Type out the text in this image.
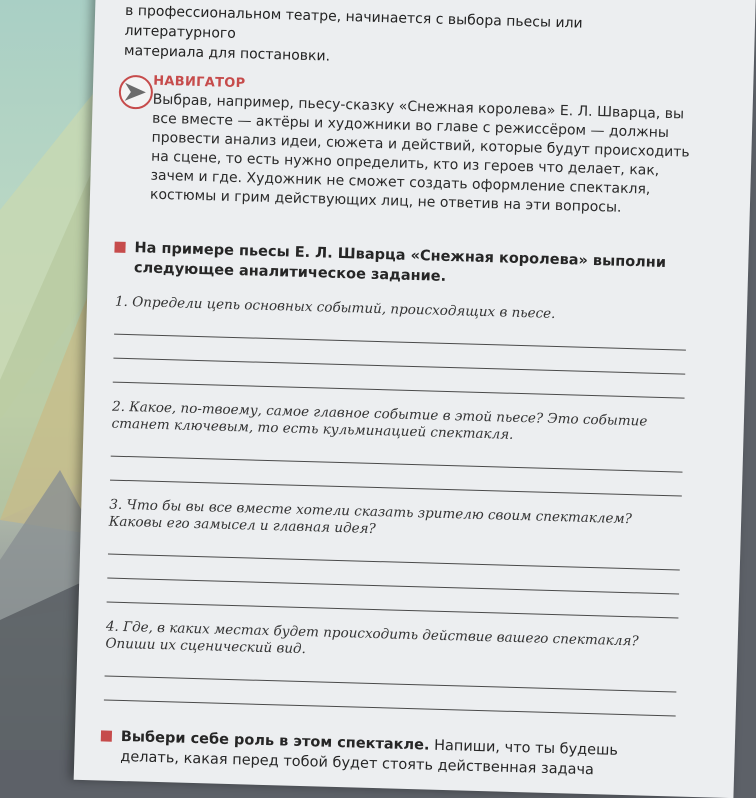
в профессиональном театре, начинается с выбора пьесы или литературного
материала для постановки.

НАВИГАТОР

Выбрав, например, пьесу-сказку «Снежная королева» Е. Л. Шварца, вы все вместе — актёры и художники во главе с режиссёром — должны провести анализ идеи, сюжета и действий, которые будут происходить на сцене, то есть нужно определить, кто из героев что делает, как, зачем и где. Художник не сможет создать оформление спектакля, костюмы и грим действующих лиц, не ответив на эти вопросы.

На примере пьесы Е. Л. Шварца «Снежная королева» выполни следующее аналитическое задание.
1. Определи цепь основных событий, происходящих в пьесе.
2. Какое, по-твоему, самое главное событие в этой пьесе? Это событие станет ключевым, то есть кульминацией спектакля.
3. Что бы вы все вместе хотели сказать зрителю своим спектаклем? Каковы его замысел и главная идея?
4. Где, в каких местах будет происходить действие вашего спектакля? Опиши их сценический вид.
Выбери себе роль в этом спектакле. Напиши, что ты будешь делать, какая перед тобой будет стоять действенная задача
